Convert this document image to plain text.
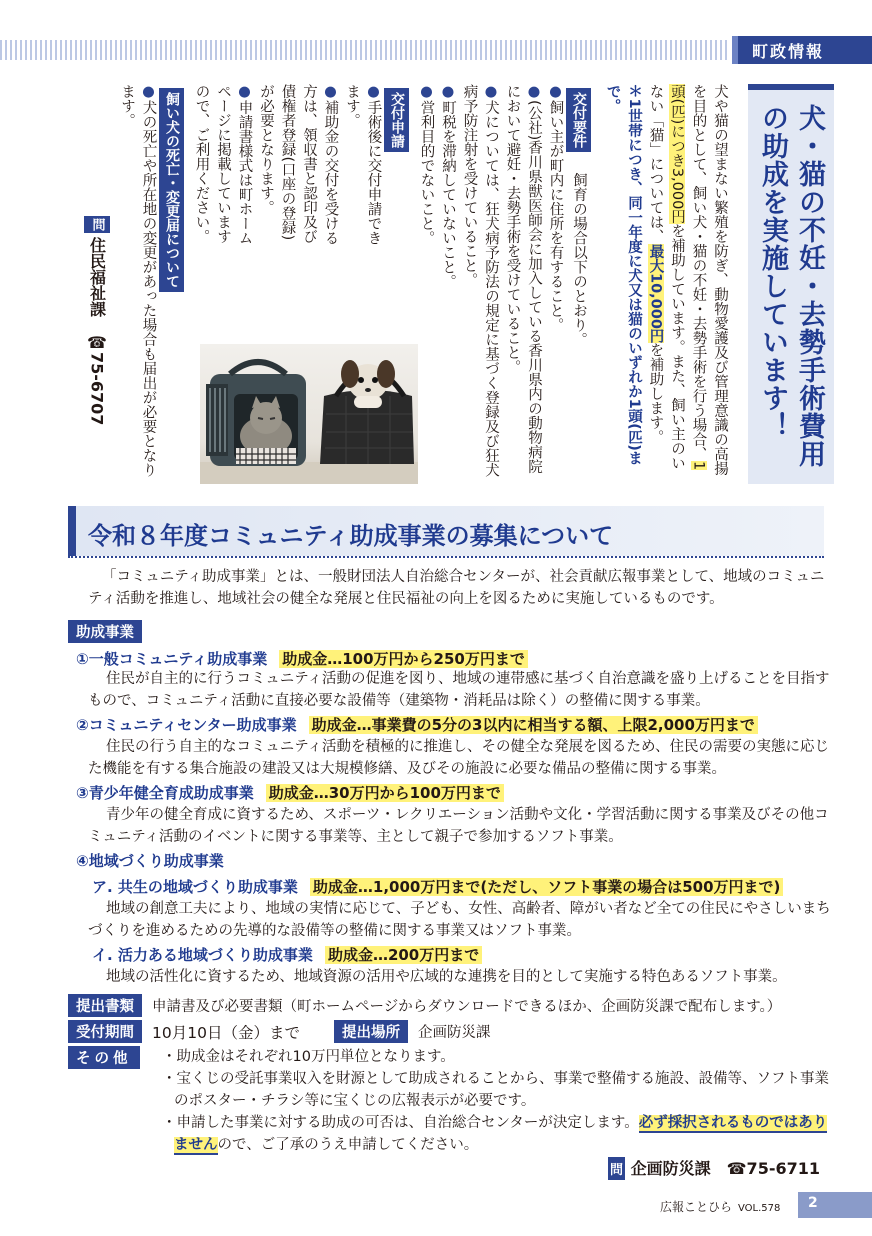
町政情報
犬・猫の不妊・去勢手術費用の助成を実施しています！
犬や猫の望まない繁殖を防ぎ、動物愛護及び管理意識の高揚を目的として、飼い犬・猫の不妊・去勢手術を行う場合、1頭(匹)につき3,000円を補助しています。また、飼い主のいない「猫」については、最大10,000円を補助します。
＊1世帯につき、同一年度に犬又は猫のいずれか1頭(匹)まで。
交付要件　飼育の場合以下のとおり。
●飼い主が町内に住所を有すること。
●(公社)香川県獣医師会に加入している香川県内の動物病院において避妊・去勢手術を受けていること。
●犬については、狂犬病予防法の規定に基づく登録及び狂犬病予防注射を受けていること。
●町税を滞納していないこと。
●営利目的でないこと。
交付申請
●手術後に交付申請できます。
●補助金の交付を受ける方は、領収書と認印及び債権者登録(口座の登録)が必要となります。
●申請書様式は町ホームページに掲載していますので、ご利用ください。
飼い犬の死亡・変更届について
●犬の死亡や所在地の変更があった場合も届出が必要となります。
問住民福祉課　☎75-6707
令和８年度コミュニティ助成事業の募集について
「コミュニティ助成事業」とは、一般財団法人自治総合センターが、社会貢献広報事業として、地域のコミュニティ活動を推進し、地域社会の健全な発展と住民福祉の向上を図るために実施しているものです。
助成事業
①一般コミュニティ助成事業 助成金…100万円から250万円まで
住民が自主的に行うコミュニティ活動の促進を図り、地域の連帯感に基づく自治意識を盛り上げることを目指すもので、コミュニティ活動に直接必要な設備等（建築物・消耗品は除く）の整備に関する事業。
②コミュニティセンター助成事業 助成金…事業費の5分の3以内に相当する額、上限2,000万円まで
住民の行う自主的なコミュニティ活動を積極的に推進し、その健全な発展を図るため、住民の需要の実態に応じた機能を有する集合施設の建設又は大規模修繕、及びその施設に必要な備品の整備に関する事業。
③青少年健全育成助成事業 助成金…30万円から100万円まで
青少年の健全育成に資するため、スポーツ・レクリエーション活動や文化・学習活動に関する事業及びその他コミュニティ活動のイベントに関する事業等、主として親子で参加するソフト事業。
④地域づくり助成事業
ア. 共生の地域づくり助成事業 助成金…1,000万円まで(ただし、ソフト事業の場合は500万円まで)
地域の創意工夫により、地域の実情に応じて、子ども、女性、高齢者、障がい者など全ての住民にやさしいまちづくりを進めるための先導的な設備等の整備に関する事業又はソフト事業。
イ. 活力ある地域づくり助成事業 助成金…200万円まで
地域の活性化に資するため、地域資源の活用や広域的な連携を目的として実施する特色あるソフト事業。
提出書類	申請書及び必要書類（町ホームページからダウンロードできるほか、企画防災課で配布します。）
受付期間	10月10日（金）まで	提出場所	企画防災課
その他	・助成金はそれぞれ10万円単位となります。
・宝くじの受託事業収入を財源として助成されることから、事業で整備する施設、設備等、ソフト事業のポスター・チラシ等に宝くじの広報表示が必要です。
・申請した事業に対する助成の可否は、自治総合センターが決定します。必ず採択されるものではありませんので、ご了承のうえ申請してください。
問 企画防災課　 ☎75-6711
広報ことひら VOL.578	2
